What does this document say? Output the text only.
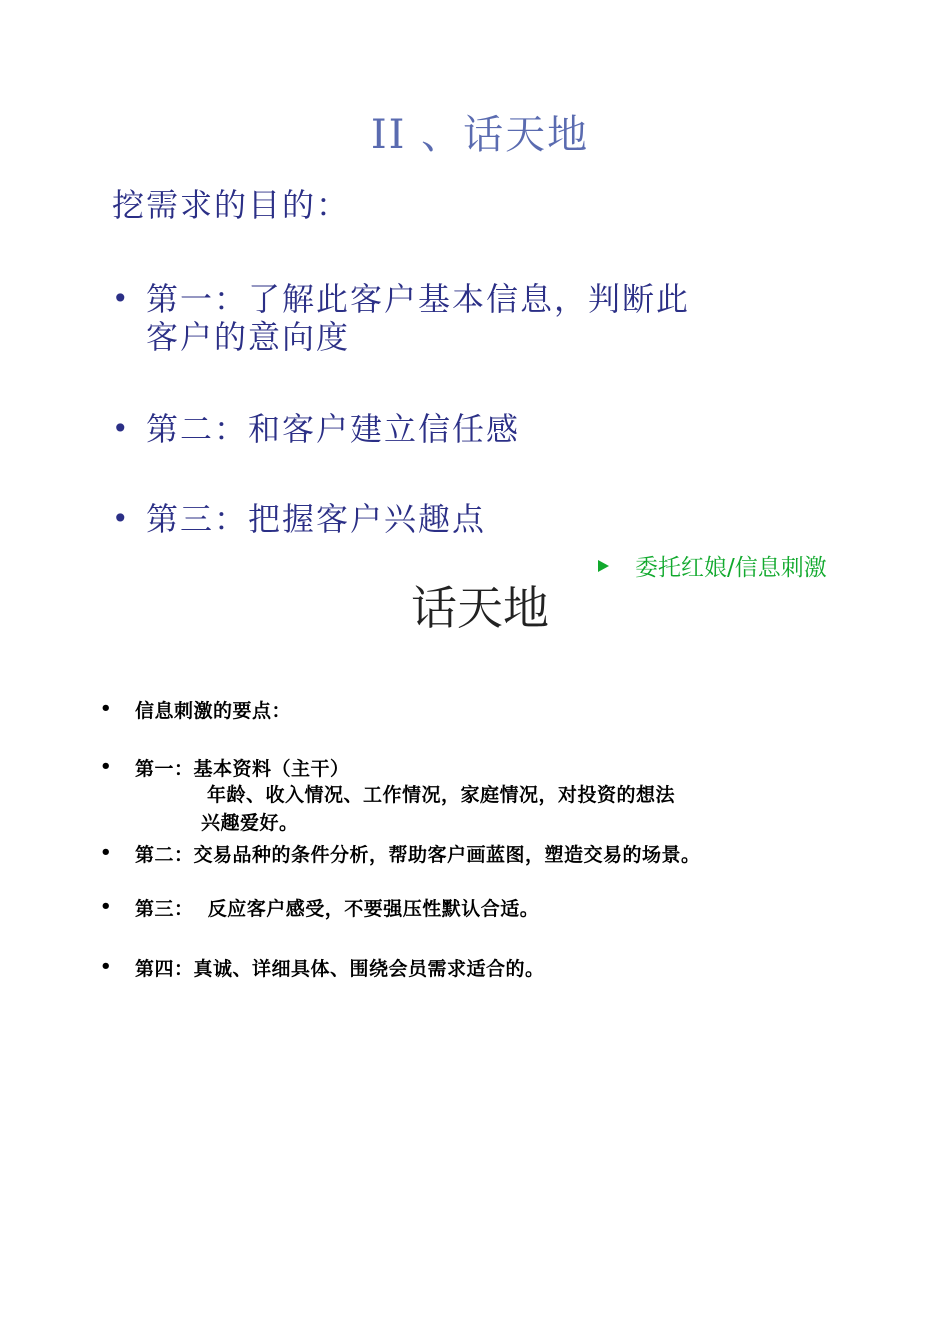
II 、话天地
挖需求的目的：
• 第一：了解此客户基本信息，判断此
客户的意向度
• 第二：和客户建立信任感
• 第三：把握客户兴趣点
委托红娘/信息刺激
话天地
• 信息刺激的要点：
• 第一：基本资料（主干）
年龄、收入情况、工作情况，家庭情况，对投资的想法
兴趣爱好。
• 第二：交易品种的条件分析，帮助客户画蓝图，塑造交易的场景。
• 第三：  反应客户感受，不要强压性默认合适。
• 第四：真诚、详细具体、围绕会员需求适合的。
